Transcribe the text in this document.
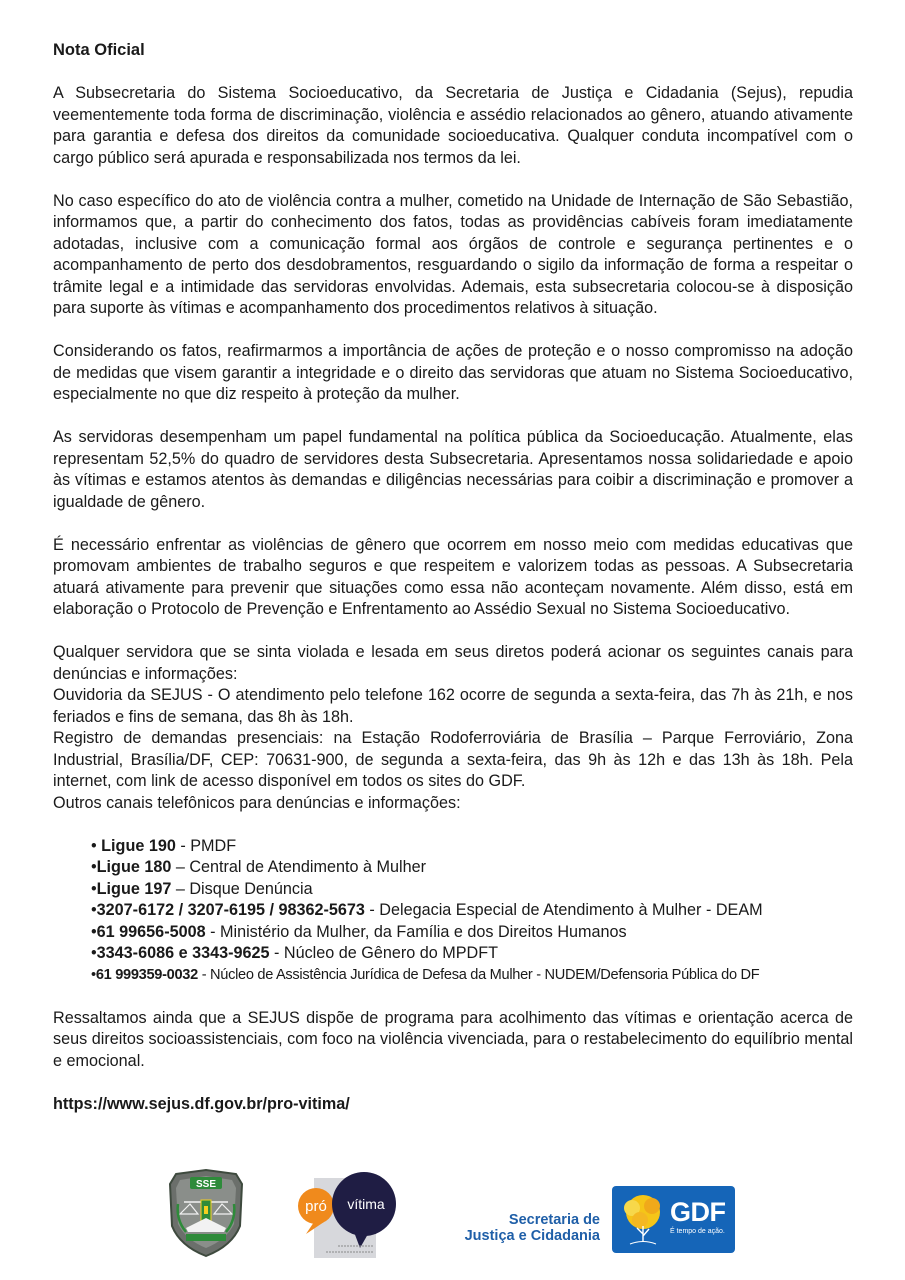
Nota Oficial

A Subsecretaria do Sistema Socioeducativo, da Secretaria de Justiça e Cidadania (Sejus), repudia veementemente toda forma de discriminação, violência e assédio relacionados ao gênero, atuando ativamente para garantia e defesa dos direitos da comunidade socioeducativa. Qualquer conduta incompatível com o cargo público será apurada e responsabilizada nos termos da lei.

No caso específico do ato de violência contra a mulher, cometido na Unidade de Internação de São Sebastião, informamos que, a partir do conhecimento dos fatos, todas as providências cabíveis foram imediatamente adotadas, inclusive com a comunicação formal aos órgãos de controle e segurança pertinentes e o acompanhamento de perto dos desdobramentos, resguardando o sigilo da informação de forma a respeitar o trâmite legal e a intimidade das servidoras envolvidas. Ademais, esta subsecretaria colocou-se à disposição para suporte às vítimas e acompanhamento dos procedimentos relativos à situação.

Considerando os fatos, reafirmarmos a importância de ações de proteção e o nosso compromisso na adoção de medidas que visem garantir a integridade e o direito das servidoras que atuam no Sistema Socioeducativo, especialmente no que diz respeito à proteção da mulher.

As servidoras desempenham um papel fundamental na política pública da Socioeducação. Atualmente, elas representam 52,5% do quadro de servidores desta Subsecretaria. Apresentamos nossa solidariedade e apoio às vítimas e estamos atentos às demandas e diligências necessárias para coibir a discriminação e promover a igualdade de gênero.

É necessário enfrentar as violências de gênero que ocorrem em nosso meio com medidas educativas que promovam ambientes de trabalho seguros e que respeitem e valorizem todas as pessoas. A Subsecretaria atuará ativamente para prevenir que situações como essa não aconteçam novamente. Além disso, está em elaboração o Protocolo de Prevenção e Enfrentamento ao Assédio Sexual no Sistema Socioeducativo.

Qualquer servidora que se sinta violada e lesada em seus diretos poderá acionar os seguintes canais para denúncias e informações:

Ouvidoria da SEJUS - O atendimento pelo telefone 162 ocorre de segunda a sexta-feira, das 7h às 21h, e nos feriados e fins de semana, das 8h às 18h.

Registro de demandas presenciais: na Estação Rodoferroviária de Brasília – Parque Ferroviário, Zona Industrial, Brasília/DF, CEP: 70631-900, de segunda a sexta-feira, das 9h às 12h e das 13h às 18h. Pela internet, com link de acesso disponível em todos os sites do GDF.

Outros canais telefônicos para denúncias e informações:

• Ligue 190 - PMDF
•Ligue 180 – Central de Atendimento à Mulher
•Ligue 197 – Disque Denúncia
•3207-6172 / 3207-6195 / 98362-5673 - Delegacia Especial de Atendimento à Mulher - DEAM
•61 99656-5008 - Ministério da Mulher, da Família e dos Direitos Humanos
•3343-6086 e 3343-9625 - Núcleo de Gênero do MPDFT
•61 999359-0032 - Núcleo de Assistência Jurídica de Defesa da Mulher - NUDEM/Defensoria Pública do DF

Ressaltamos ainda que a SEJUS dispõe de programa para acolhimento das vítimas e orientação acerca de seus direitos socioassistenciais, com foco na violência vivenciada, para o restabelecimento do equilíbrio mental e emocional.

https://www.sejus.df.gov.br/pro-vitima/

SSE
pró vítima
Secretaria de
Justiça e Cidadania
GDF
É tempo de ação.
